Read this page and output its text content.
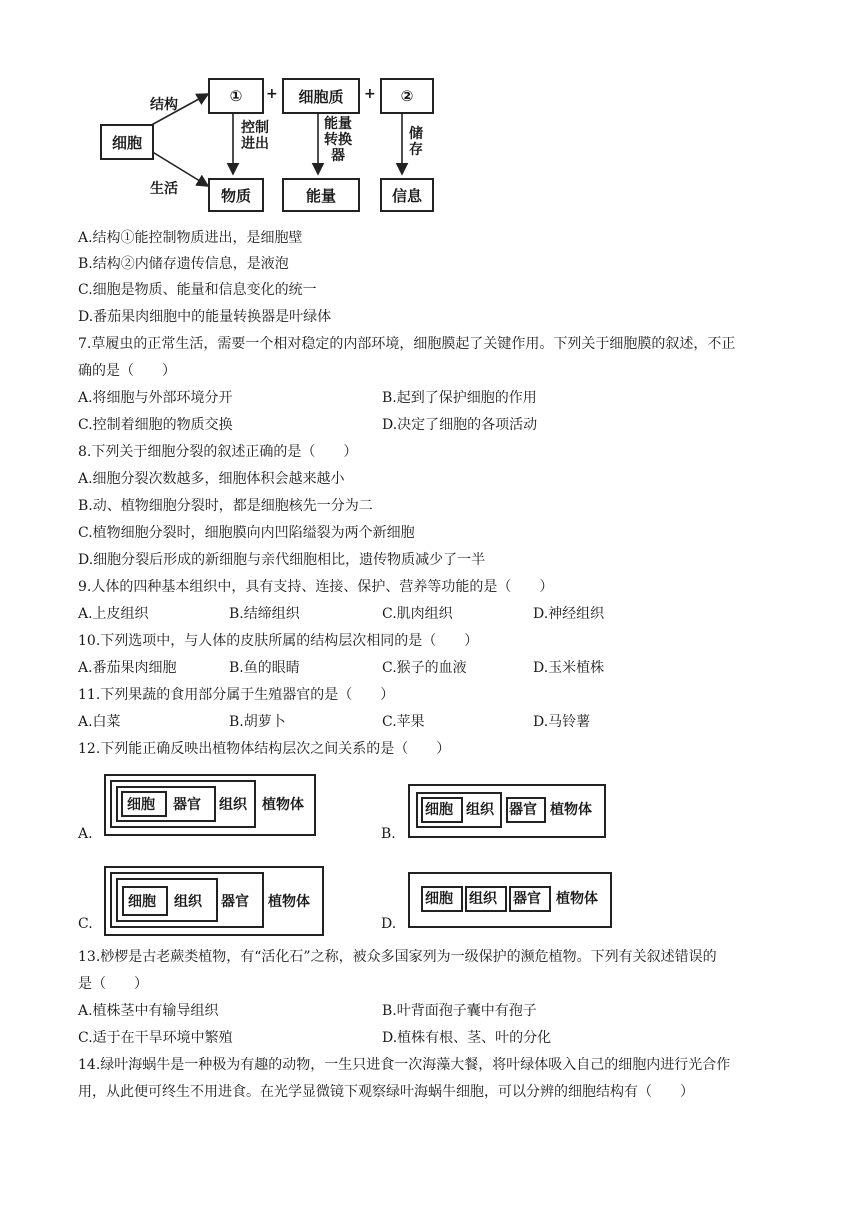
细胞
结构
生活
①	+	细胞质	+	②
控制
进出
能量
转换
器
储
存
物质	能量	信息
A.结构①能控制物质进出，是细胞壁
B.结构②内储存遗传信息，是液泡
C.细胞是物质、能量和信息变化的统一
D.番茄果肉细胞中的能量转换器是叶绿体
7.草履虫的正常生活，需要一个相对稳定的内部环境，细胞膜起了关键作用。下列关于细胞膜的叙述，不正
确的是（　　）
A.将细胞与外部环境分开	B.起到了保护细胞的作用
C.控制着细胞的物质交换	D.决定了细胞的各项活动
8.下列关于细胞分裂的叙述正确的是（　　）
A.细胞分裂次数越多，细胞体积会越来越小
B.动、植物细胞分裂时，都是细胞核先一分为二
C.植物细胞分裂时，细胞膜向内凹陷缢裂为两个新细胞
D.细胞分裂后形成的新细胞与亲代细胞相比，遗传物质减少了一半
9.人体的四种基本组织中，具有支持、连接、保护、营养等功能的是（　　）
A.上皮组织	B.结缔组织	C.肌肉组织	D.神经组织
10.下列选项中，与人体的皮肤所属的结构层次相同的是（　　）
A.番茄果肉细胞	B.鱼的眼睛	C.猴子的血液	D.玉米植株
11.下列果蔬的食用部分属于生殖器官的是（　　）
A.白菜	B.胡萝卜	C.苹果	D.马铃薯
12.下列能正确反映出植物体结构层次之间关系的是（　　）
细胞 器官 组织 植物体
A.
细胞 组织 器官 植物体
B.
细胞 组织 器官 植物体
C.
细胞 组织 器官 植物体
D.
13.桫椤是古老蕨类植物，有“活化石”之称，被众多国家列为一级保护的濒危植物。下列有关叙述错误的
是（　　）
A.植株茎中有输导组织	B.叶背面孢子囊中有孢子
C.适于在干旱环境中繁殖	D.植株有根、茎、叶的分化
14.绿叶海蜗牛是一种极为有趣的动物，一生只进食一次海藻大餐，将叶绿体吸入自己的细胞内进行光合作
用，从此便可终生不用进食。在光学显微镜下观察绿叶海蜗牛细胞，可以分辨的细胞结构有（　　）
